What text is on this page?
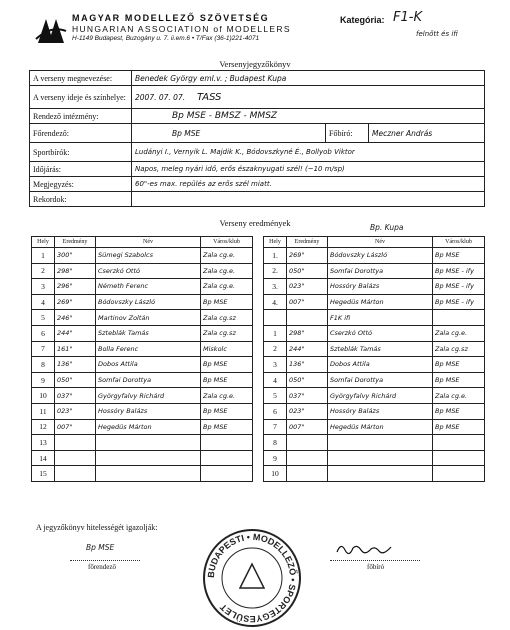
MAGYAR MODELLEZŐ SZÖVETSÉG
HUNGARIAN ASSOCIATION of MODELLERS
H-1149 Budapest, Buzogány u. 7. ii.em.6 • T/Fax (36-1)221-4071
Kategória: F1-K
felnőtt és ifi
Versenyjegyzőkönyv
A verseny megnevezése:	Benedek György eml.v. ; Budapest Kupa		
A verseny ideje és színhelye:	2007. 07. 07. TASS		
Rendező intézmény:	Bp MSE - BMSZ - MMSZ		
Főrendező:	Bp MSE	Főbíró:	Meczner András
Sportbírók:	Ludányi I., Vernyik L. Majdik K., Bódovszkyné É., Bollyob Viktor		
Időjárás:	Napos, meleg nyári idő, erős északnyugati szél! (~10 m/sp)		
Megjegyzés:	60"-es max. repülés az erős szél miatt.		
Rekordok:			
Verseny eredmények	Bp. Kupa
Hely	Eredmény	Név	Város/klub
1	300"	Sümegi Szabolcs	Zala cg.e.
2	298"	Cserzkó Ottó	Zala cg.e.
3	296"	Németh Ferenc	Zala cg.e.
4	269"	Bódovszky László	Bp MSE
5	246"	Martinov Zoltán	Zala cg.sz
6	244"	Szteblák Tamás	Zala cg.sz
7	161"	Bolla Ferenc	Miskolc
8	136"	Dobos Attila	Bp MSE
9	050"	Somfai Dorottya	Bp MSE
10	037"	Györgyfalvy Richárd	Zala cg.e.
11	023"	Hossóry Balázs	Bp MSE
12	007"	Hegedüs Márton	Bp MSE
13			
14			
15			
Hely	Eredmény	Név	Város/klub
1.	269"	Bódovszky László	Bp MSE
2.	050"	Somfai Dorottya	Bp MSE - ify
3.	023"	Hossóry Balázs	Bp MSE - ify
4.	007"	Hegedüs Márton	Bp MSE - ify
		F1K ifi	
1	298"	Cserzkó Ottó	Zala cg.e.
2	244"	Szteblák Tamás	Zala cg.sz
3	136"	Dobos Attila	Bp MSE
4	050"	Somfai Dorottya	Bp MSE
5	037"	Györgyfalvy Richárd	Zala cg.e.
6	023"	Hossóry Balázs	Bp MSE
7	007"	Hegedüs Márton	Bp MSE
8			
9			
10			
A jegyzőkönyv hitelességét igazolják:
Bp MSE
főrendező
BUDAPESTI • MODELLEZŐ • SPORTEGYESÜLET
főbíró
